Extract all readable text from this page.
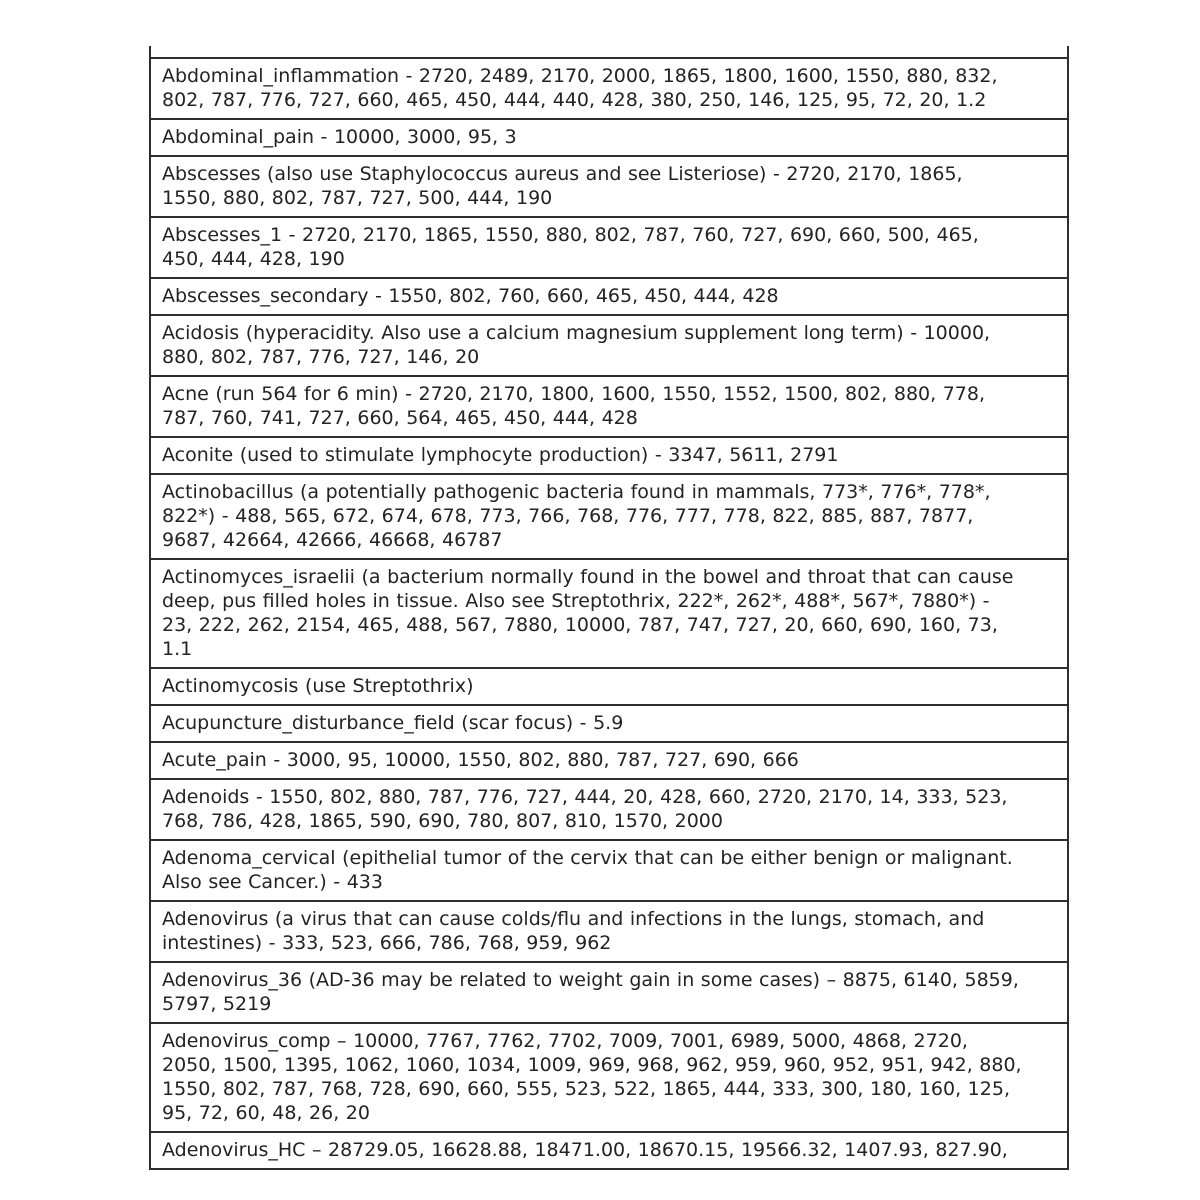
Abdominal_inflammation - 2720, 2489, 2170, 2000, 1865, 1800, 1600, 1550, 880, 832, 802, 787, 776, 727, 660, 465, 450, 444, 440, 428, 380, 250, 146, 125, 95, 72, 20, 1.2
Abdominal_pain - 10000, 3000, 95, 3
Abscesses (also use Staphylococcus aureus and see Listeriose) - 2720, 2170, 1865, 1550, 880, 802, 787, 727, 500, 444, 190
Abscesses_1 - 2720, 2170, 1865, 1550, 880, 802, 787, 760, 727, 690, 660, 500, 465, 450, 444, 428, 190
Abscesses_secondary - 1550, 802, 760, 660, 465, 450, 444, 428
Acidosis (hyperacidity. Also use a calcium magnesium supplement long term) - 10000, 880, 802, 787, 776, 727, 146, 20
Acne (run 564 for 6 min) - 2720, 2170, 1800, 1600, 1550, 1552, 1500, 802, 880, 778, 787, 760, 741, 727, 660, 564, 465, 450, 444, 428
Aconite (used to stimulate lymphocyte production) - 3347, 5611, 2791
Actinobacillus (a potentially pathogenic bacteria found in mammals, 773*, 776*, 778*, 822*) - 488, 565, 672, 674, 678, 773, 766, 768, 776, 777, 778, 822, 885, 887, 7877, 9687, 42664, 42666, 46668, 46787
Actinomyces_israelii (a bacterium normally found in the bowel and throat that can cause deep, pus filled holes in tissue. Also see Streptothrix, 222*, 262*, 488*, 567*, 7880*) - 23, 222, 262, 2154, 465, 488, 567, 7880, 10000, 787, 747, 727, 20, 660, 690, 160, 73, 1.1
Actinomycosis (use Streptothrix)
Acupuncture_disturbance_field (scar focus) - 5.9
Acute_pain - 3000, 95, 10000, 1550, 802, 880, 787, 727, 690, 666
Adenoids - 1550, 802, 880, 787, 776, 727, 444, 20, 428, 660, 2720, 2170, 14, 333, 523, 768, 786, 428, 1865, 590, 690, 780, 807, 810, 1570, 2000
Adenoma_cervical (epithelial tumor of the cervix that can be either benign or malignant. Also see Cancer.) - 433
Adenovirus (a virus that can cause colds/flu and infections in the lungs, stomach, and intestines) - 333, 523, 666, 786, 768, 959, 962
Adenovirus_36 (AD-36 may be related to weight gain in some cases) – 8875, 6140, 5859, 5797, 5219
Adenovirus_comp – 10000, 7767, 7762, 7702, 7009, 7001, 6989, 5000, 4868, 2720, 2050, 1500, 1395, 1062, 1060, 1034, 1009, 969, 968, 962, 959, 960, 952, 951, 942, 880, 1550, 802, 787, 768, 728, 690, 660, 555, 523, 522, 1865, 444, 333, 300, 180, 160, 125, 95, 72, 60, 48, 26, 20
Adenovirus_HC – 28729.05, 16628.88, 18471.00, 18670.15, 19566.32, 1407.93, 827.90,
